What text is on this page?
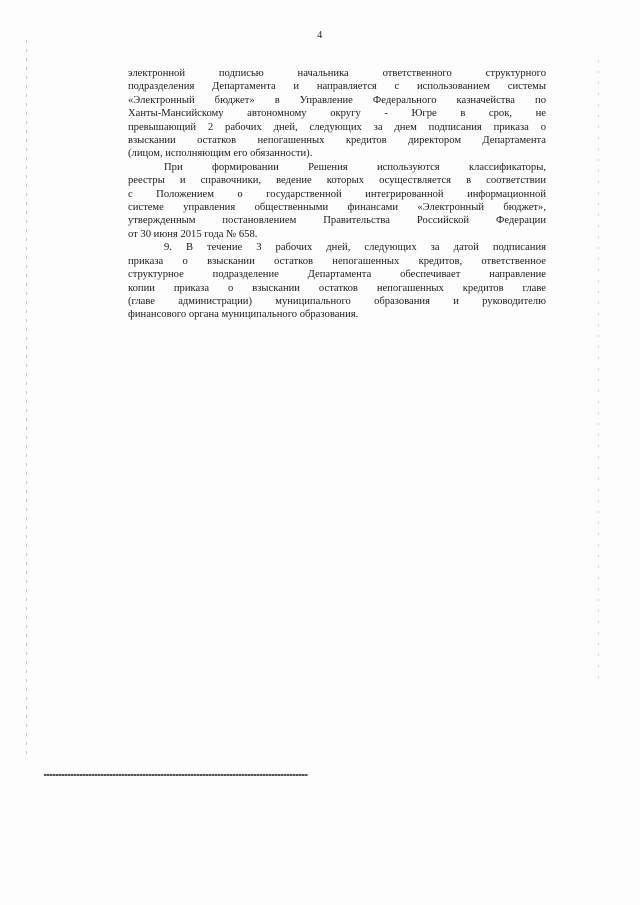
4

электронной подписью начальника ответственного структурного
подразделения Департамента и направляется с использованием системы
«Электронный бюджет» в Управление Федерального казначейства по
Ханты-Мансийскому автономному округу - Югре в срок, не
превышающий 2 рабочих дней, следующих за днем подписания приказа о
взыскании остатков непогашенных кредитов директором Департамента
(лицом, исполняющим его обязанности).

При формировании Решения используются классификаторы,
реестры и справочники, ведение которых осуществляется в соответствии
с Положением о государственной интегрированной информационной
системе управления общественными финансами «Электронный бюджет»,
утвержденным постановлением Правительства Российской Федерации
от 30 июня 2015 года № 658.

9. В течение 3 рабочих дней, следующих за датой подписания
приказа о взыскании остатков непогашенных кредитов, ответственное
структурное подразделение Департамента обеспечивает направление
копии приказа о взыскании остатков непогашенных кредитов главе
(главе администрации) муниципального образования и руководителю
финансового органа муниципального образования.
